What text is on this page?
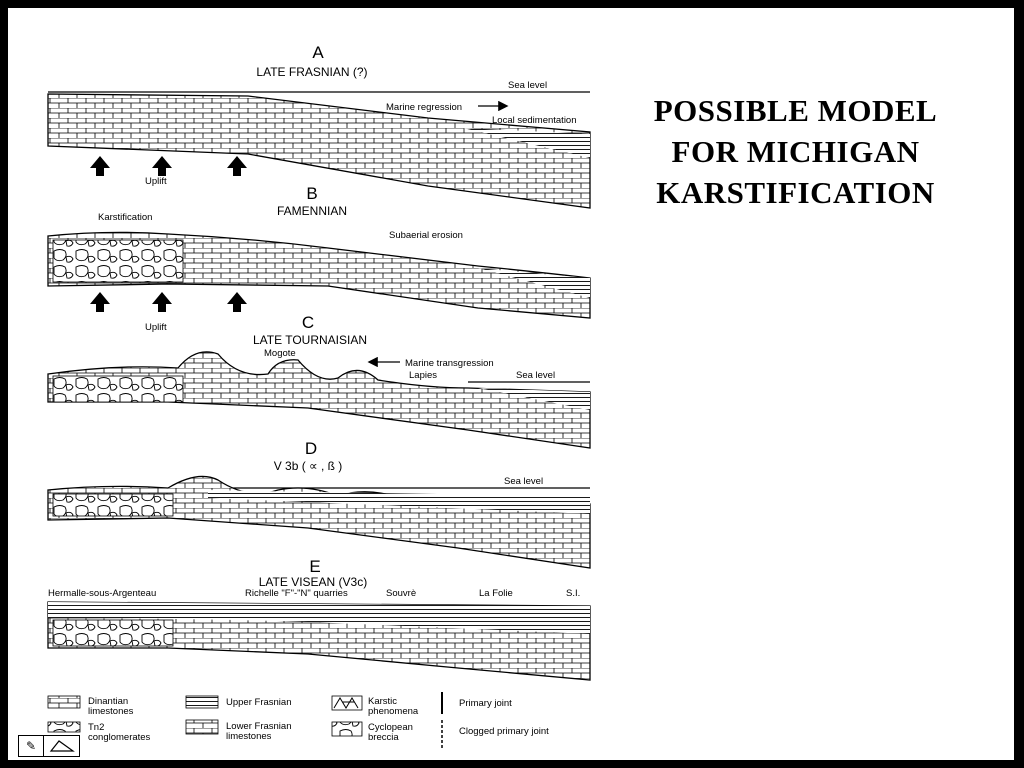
A
LATE FRASNIAN (?)
Sea level
Marine regression
Local sedimentation
Uplift
B
FAMENNIAN
Karstification
Subaerial erosion
Uplift	C
LATE TOURNAISIAN
Mogote
Marine transgression
Lapies	Sea level
D
V 3b ( ∝ , ß )
Sea level
E
LATE VISEAN (V3c)
Hermalle-sous-Argenteau	Richelle "F"-"N" quarries	Souvrè	La Folie	S.I.
Dinantian
limestones
Tn2
conglomerates
Upper Frasnian
Lower Frasnian
limestones
Karstic
phenomena
Cyclopean
breccia
Primary joint
Clogged primary joint
POSSIBLE MODEL
FOR MICHIGAN
KARSTIFICATION
✎
